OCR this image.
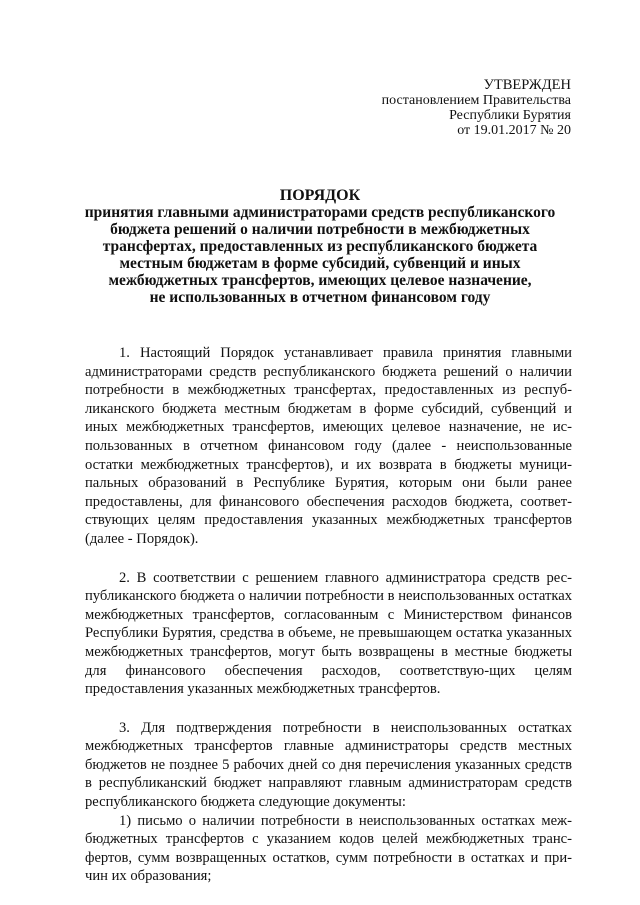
УТВЕРЖДЕН
постановлением Правительства
Республики Бурятия
от 19.01.2017 № 20
ПОРЯДОК
принятия главными администраторами средств республиканского
бюджета решений о наличии потребности в межбюджетных
трансфертах, предоставленных из республиканского бюджета
местным бюджетам в форме субсидий, субвенций и иных
межбюджетных трансфертов, имеющих целевое назначение,
не использованных в отчетном финансовом году

1. Настоящий Порядок устанавливает правила принятия главными администраторами средств республиканского бюджета решений о наличии потребности в межбюджетных трансфертах, предоставленных из респуб-ликанского бюджета местным бюджетам в форме субсидий, субвенций и иных межбюджетных трансфертов, имеющих целевое назначение, не ис-пользованных в отчетном финансовом году (далее - неиспользованные остатки межбюджетных трансфертов), и их возврата в бюджеты муници-пальных образований в Республике Бурятия, которым они были ранее предоставлены, для финансового обеспечения расходов бюджета, соответ-ствующих целям предоставления указанных межбюджетных трансфертов (далее - Порядок).

2. В соответствии с решением главного администратора средств рес-публиканского бюджета о наличии потребности в неиспользованных остатках межбюджетных трансфертов, согласованным с Министерством финансов Республики Бурятия, средства в объеме, не превышающем остатка указанных межбюджетных трансфертов, могут быть возвращены в местные бюджеты для финансового обеспечения расходов, соответствую-щих целям предоставления указанных межбюджетных трансфертов.

3. Для подтверждения потребности в неиспользованных остатках межбюджетных трансфертов главные администраторы средств местных бюджетов не позднее 5 рабочих дней со дня перечисления указанных средств в республиканский бюджет направляют главным администраторам средств республиканского бюджета следующие документы:

1) письмо о наличии потребности в неиспользованных остатках меж-бюджетных трансфертов с указанием кодов целей межбюджетных транс-фертов, сумм возвращенных остатков, сумм потребности в остатках и при-чин их образования;
